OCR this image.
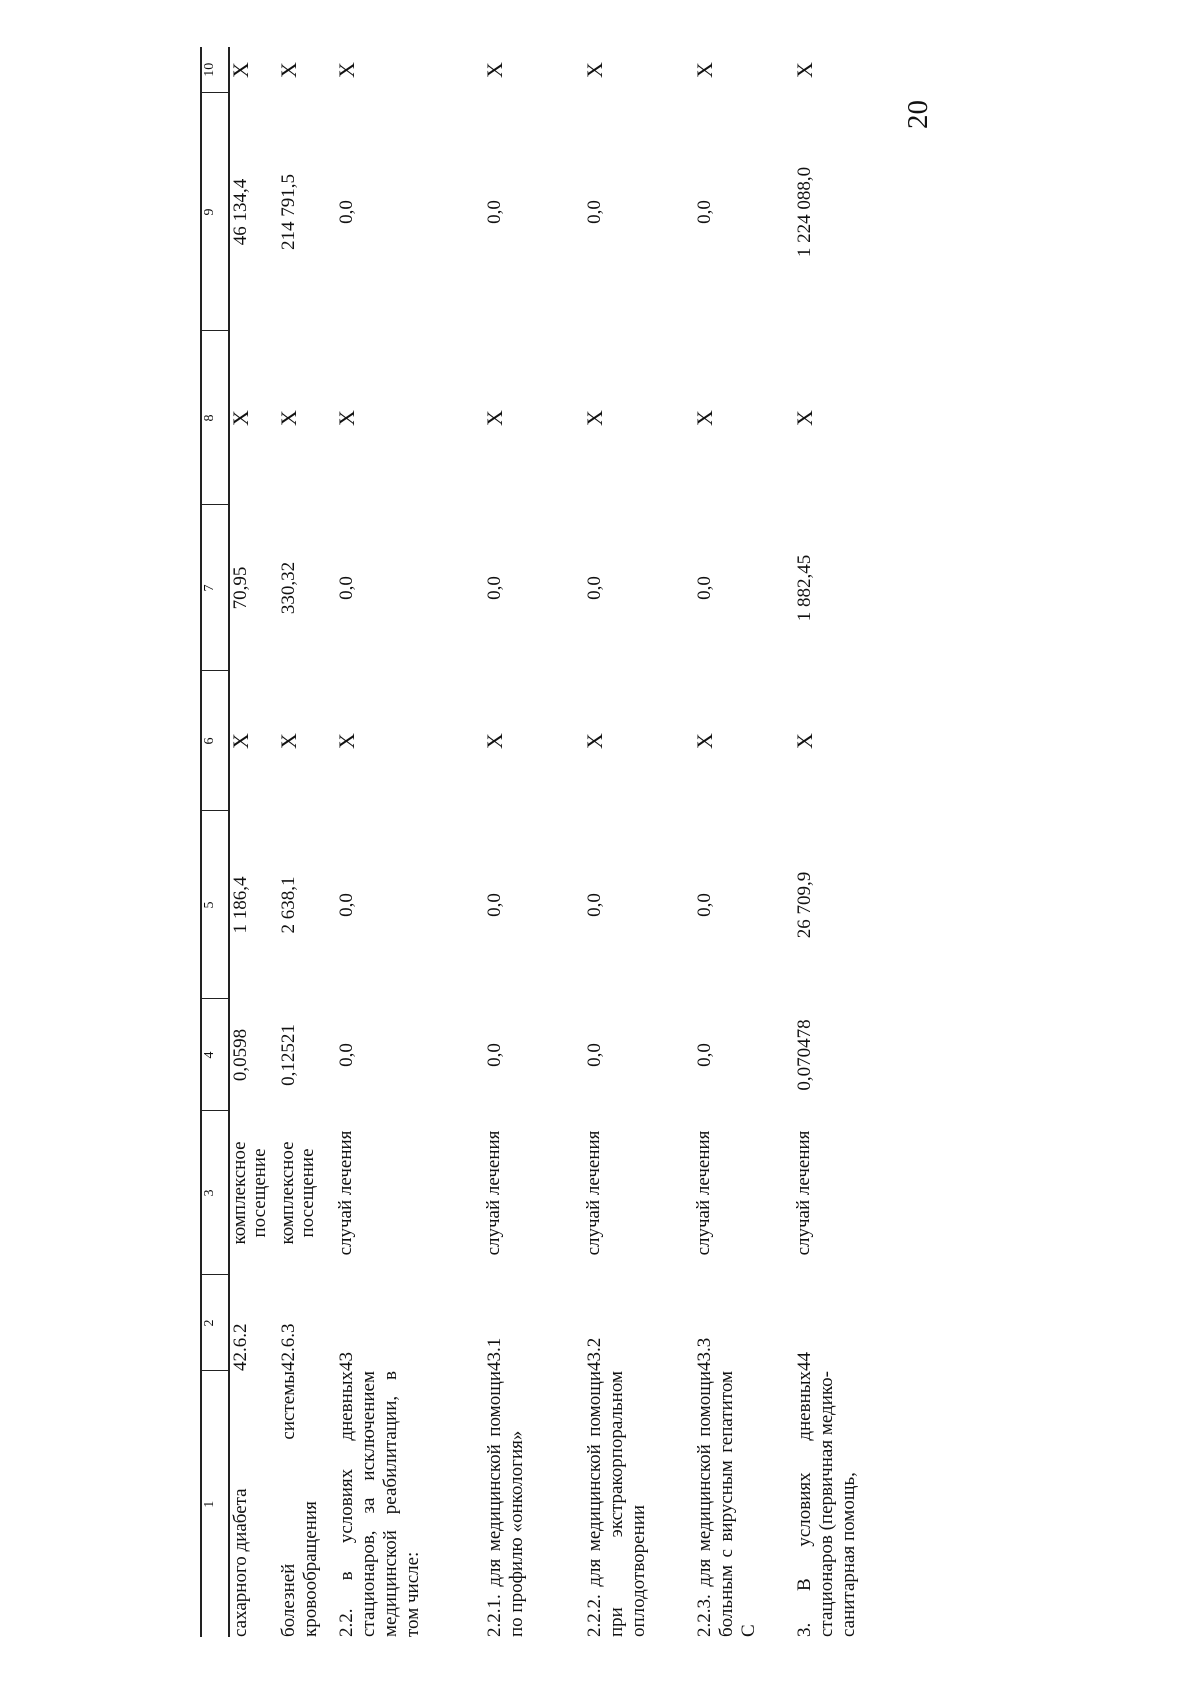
20
1	2	3	4	5	6	7	8	9	10
сахарного диабета	42.6.2	комплексное посещение	0,0598	1 186,4	Х	70,95	Х	46 134,4	Х
болезней системы кровообращения	42.6.3	комплексное посещение	0,12521	2 638,1	Х	330,32	Х	214 791,5	Х
2.2. в условиях дневных стационаров, за исключением медицинской реабилитации, в том числе:	43	случай лечения	0,0	0,0	Х	0,0	Х	0,0	Х
2.2.1. для медицинской помощи по профилю «онкология»	43.1	случай лечения	0,0	0,0	Х	0,0	Х	0,0	Х
2.2.2. для медицинской помощи при экстракорпоральном оплодотворении	43.2	случай лечения	0,0	0,0	Х	0,0	Х	0,0	Х
2.2.3. для медицинской помощи больным с вирусным гепатитом С	43.3	случай лечения	0,0	0,0	Х	0,0	Х	0,0	Х
3. В условиях дневных стационаров (первичная медико-санитарная помощь,	44	случай лечения	0,070478	26 709,9	Х	1 882,45	Х	1 224 088,0	Х
